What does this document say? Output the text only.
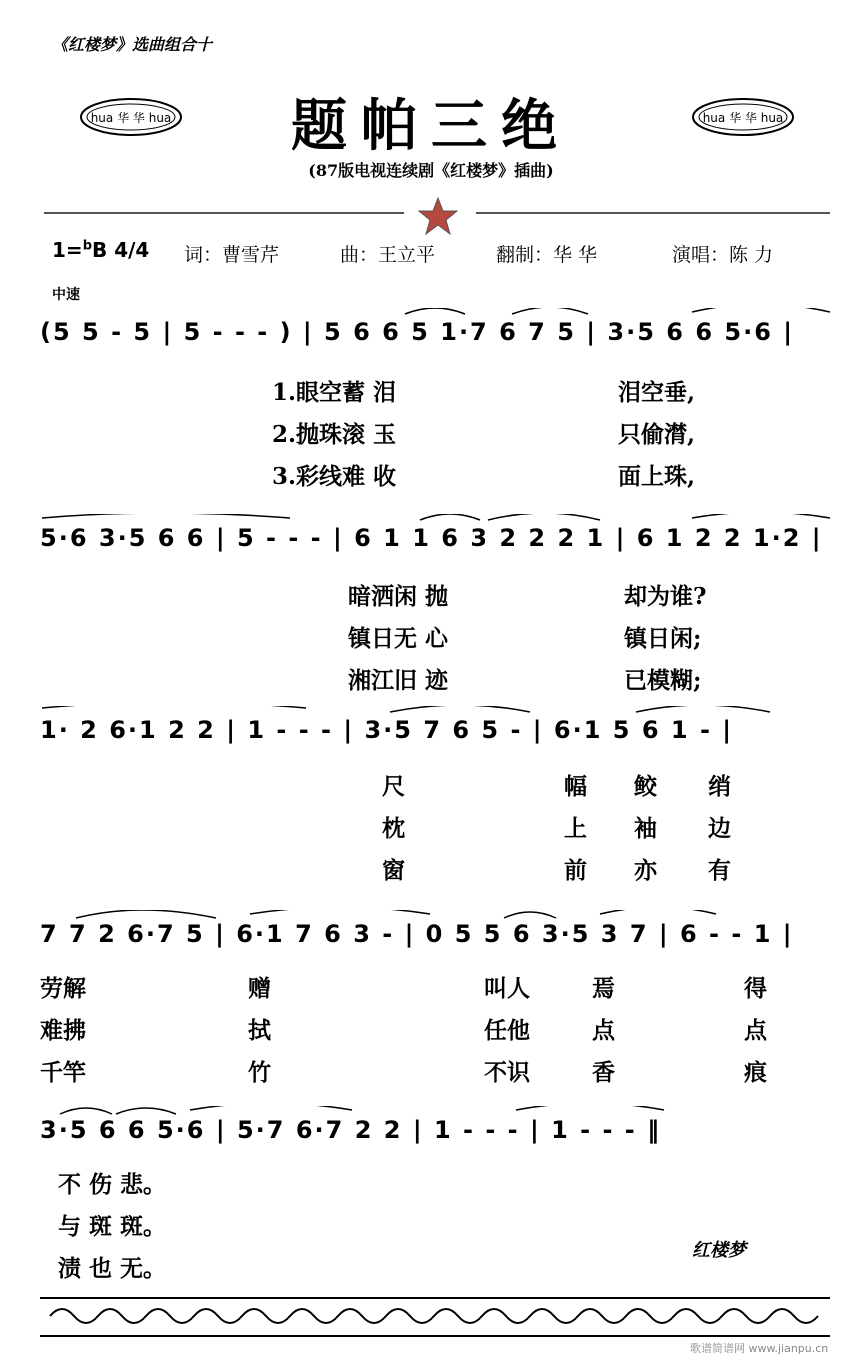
《红楼梦》选曲组合十
hua 华 华 hua	hua 华 华 hua
题帕三绝
(87版电视连续剧《红楼梦》插曲)
1=$^b$B 4/4 词：曹雪芹	曲：王立平	翻制：华 华	演唱：陈 力
中速
(5 5 - 5 | 5 - - - ) | 5 6 6 5 1·7 6 7 5 | 3·5 6 6 5·6 |
1.眼空蓄 泪	泪空垂,
2.抛珠滚 玉	只偷潸,
3.彩线难 收	面上珠,
5·6 3·5 6 6 | 5 - - - | 6 1 1 6 3 2 2 2 1 | 6 1 2 2 1·2 |
暗洒闲 抛	却为谁?
镇日无 心	镇日闲;
湘江旧 迹	已模糊;
1· 2 6·1 2 2 | 1 - - - | 3·5 7 6 5 - | 6·1 5 6 1 - |
尺	幅 鲛 绡
枕	上 袖 边
窗	前 亦 有
7 7 2 6·7 5 | 6·1 7 6 3 - | 0 5 5 6 3·5 3 7 | 6 - - 1 |
劳解	赠	叫人	焉	得
难拂	拭	任他	点	点
千竿	竹	不识	香	痕
3·5 6 6 5·6 | 5·7 6·7 2 2 | 1 - - - | 1 - - - ‖
不 伤 悲。
与 斑 斑。
渍 也 无。
红楼梦
歌谱简谱网 www.jianpu.cn
